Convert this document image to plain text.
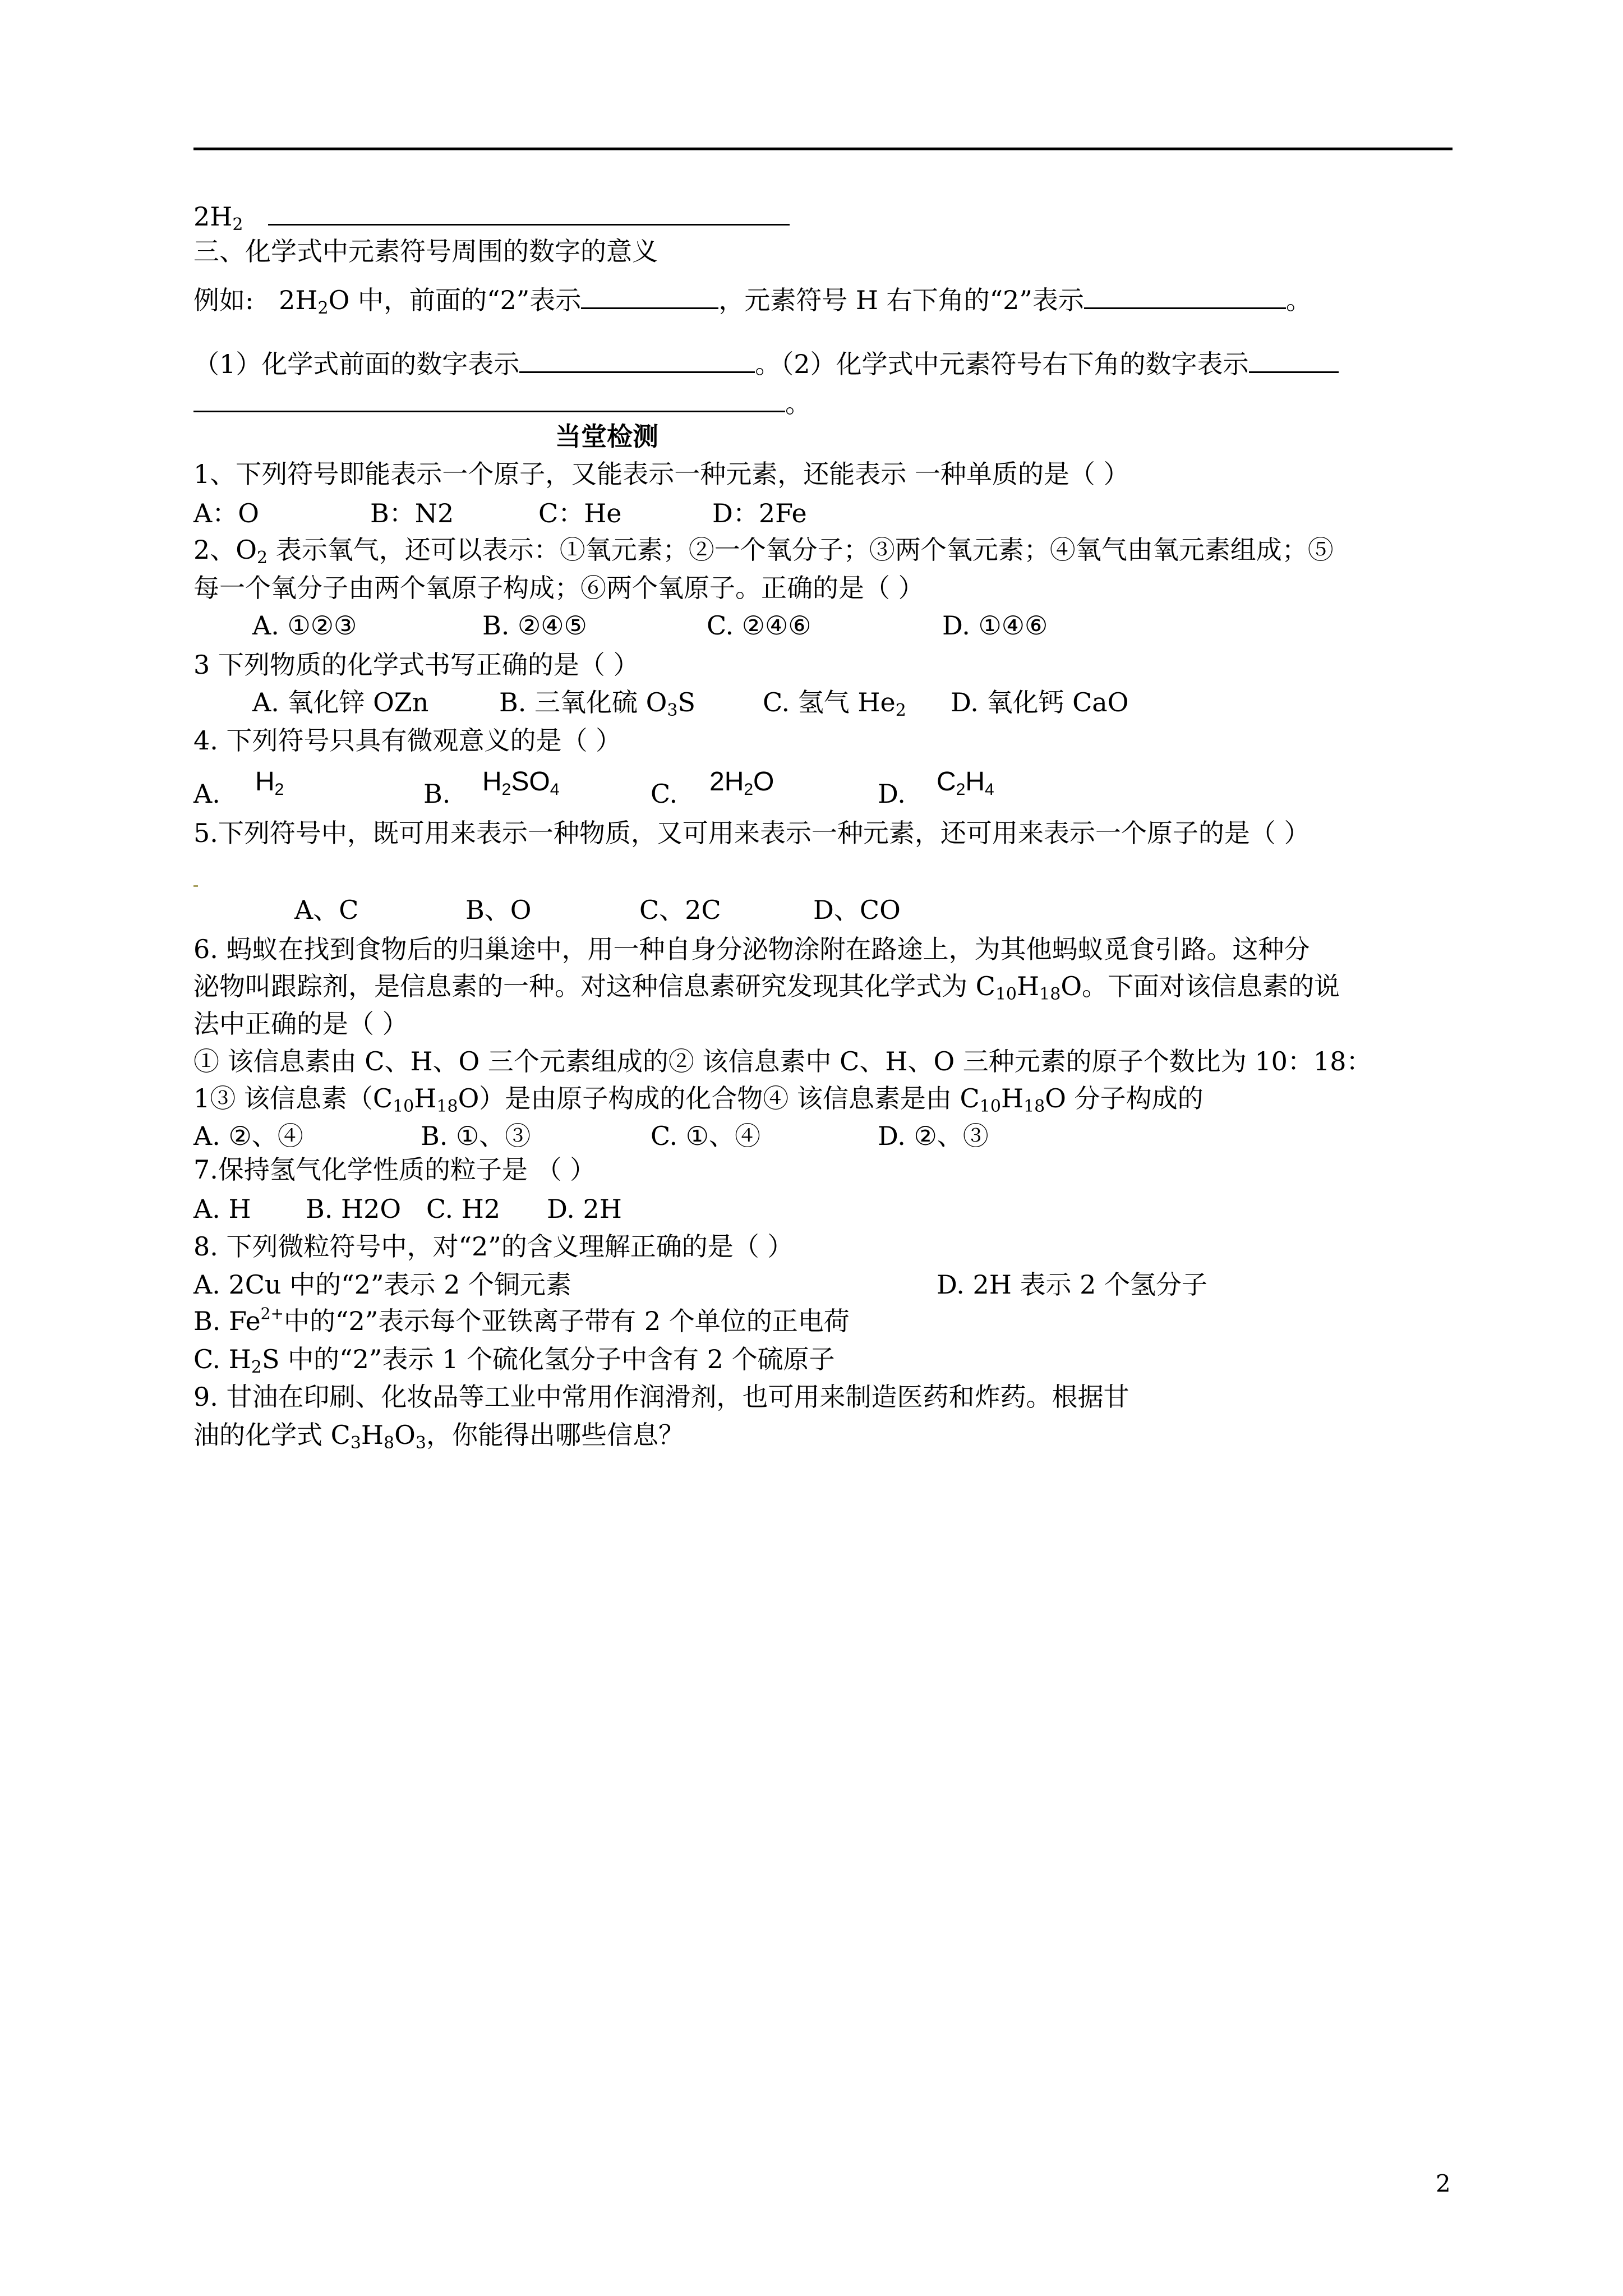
$2H_2$
三、化学式中元素符号周围的数字的意义
例如: $2H_2O$ 中，前面的“2”表示	，元素符号 H 右下角的“2”表示	。
（1）化学式前面的数字表示	。（2）化学式中元素符号右下角的数字表示
。
当堂检测
1、下列符号即能表示一个原子，又能表示一种元素，还能表示 一种单质的是（ ）
A：O	B：N2	C：He	D：2Fe
2、$O_2$ 表示氧气，还可以表示：①氧元素；②一个氧分子；③两个氧元素；④氧气由氧元素组成；⑤
每一个氧分子由两个氧原子构成；⑥两个氧原子。正确的是（ ）
A. ①②③	B. ②④⑤	C. ②④⑥	D. ①④⑥
3 下列物质的化学式书写正确的是（ ）
A. 氧化锌 OZn	B. 三氧化硫 $O_3S$	C. 氢气 $He_2$ D. 氧化钙 CaO
4. 下列符号只具有微观意义的是（ ）
A. $H_2$	B. $H_2SO_4$	C. $2H_2O$	D. $C_2H_4$
5.下列符号中，既可用来表示一种物质，又可用来表示一种元素，还可用来表示一个原子的是（ ）
A、C	B、O	C、2C	D、CO
6. 蚂蚁在找到食物后的归巢途中，用一种自身分泌物涂附在路途上，为其他蚂蚁觅食引路。这种分
泌物叫跟踪剂，是信息素的一种。对这种信息素研究发现其化学式为 $C_{10}H_{18}O$。下面对该信息素的说
法中正确的是（ ）
① 该信息素由 C、H、O 三个元素组成的② 该信息素中 C、H、O 三种元素的原子个数比为 10：18：
1③ 该信息素$(C_{10}H_{18}O)$是由原子构成的化合物④ 该信息素是由 $C_{10}H_{18}O$ 分子构成的
A. ②、④	B. ①、③	C. ①、④	D. ②、③
7.保持氢气化学性质的粒子是 （ ）
A. H B. H2O C. H2 D. 2H
8. 下列微粒符号中，对“2”的含义理解正确的是（ ）
A. 2Cu 中的“2”表示 2 个铜元素	D. 2H 表示 2 个氢分子
B. $Fe^{2+}$中的“2”表示每个亚铁离子带有 2 个单位的正电荷
C. $H_2S$ 中的“2”表示 1 个硫化氢分子中含有 2 个硫原子
9. 甘油在印刷、化妆品等工业中常用作润滑剂，也可用来制造医药和炸药。根据甘
油的化学式 $C_3H_8O_3$，你能得出哪些信息？
2
